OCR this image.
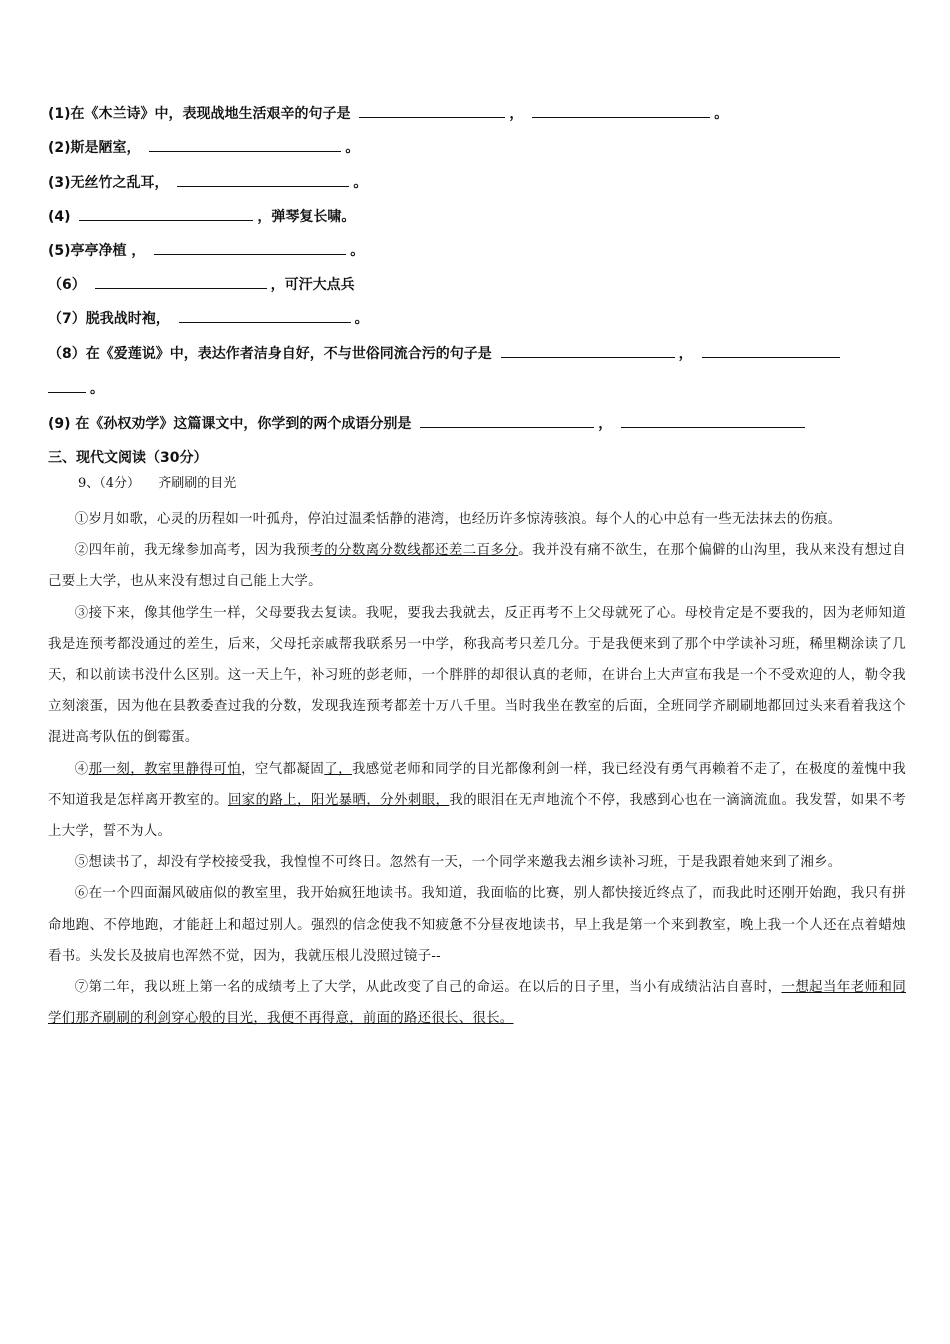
(1)在《木兰诗》中，表现战地生活艰辛的句子是	，	。
(2)斯是陋室，	。
(3)无丝竹之乱耳，	。
(4)	，弹琴复长啸。
(5)亭亭净植 ，	。
（6）	，可汗大点兵
（7）脱我战时袍，	。
（8）在《爱莲说》中，表达作者洁身自好，不与世俗同流合污的句子是	，
。
(9) 在《孙权劝学》这篇课文中，你学到的两个成语分别是	，
三、现代文阅读（30分）
9、（4分） 齐刷刷的目光

①岁月如歌，心灵的历程如一叶孤舟，停泊过温柔恬静的港湾，也经历许多惊涛骇浪。每个人的心中总有一些无法抹去的伤痕。

②四年前，我无缘参加高考，因为我预考的分数离分数线都还差二百多分。我并没有痛不欲生，在那个偏僻的山沟里，我从来没有想过自己要上大学，也从来没有想过自己能上大学。

③接下来，像其他学生一样，父母要我去复读。我呢，要我去我就去，反正再考不上父母就死了心。母校肯定是不要我的，因为老师知道我是连预考都没通过的差生，后来，父母托亲戚帮我联系另一中学，称我高考只差几分。于是我便来到了那个中学读补习班，稀里糊涂读了几天，和以前读书没什么区别。这一天上午，补习班的彭老师，一个胖胖的却很认真的老师，在讲台上大声宣布我是一个不受欢迎的人，勒令我立刻滚蛋，因为他在县教委查过我的分数，发现我连预考都差十万八千里。当时我坐在教室的后面，全班同学齐刷刷地都回过头来看着我这个混进高考队伍的倒霉蛋。

④那一刻，教室里静得可怕，空气都凝固了，我感觉老师和同学的目光都像利剑一样，我已经没有勇气再赖着不走了，在极度的羞愧中我不知道我是怎样离开教室的。回家的路上，阳光暴晒，分外刺眼，我的眼泪在无声地流个不停，我感到心也在一滴滴流血。我发誓，如果不考上大学，誓不为人。

⑤想读书了，却没有学校接受我，我惶惶不可终日。忽然有一天，一个同学来邀我去湘乡读补习班，于是我跟着她来到了湘乡。

⑥在一个四面漏风破庙似的教室里，我开始疯狂地读书。我知道，我面临的比赛，别人都快接近终点了，而我此时还刚开始跑，我只有拼命地跑、不停地跑，才能赶上和超过别人。强烈的信念使我不知疲惫不分昼夜地读书，早上我是第一个来到教室，晚上我一个人还在点着蜡烛看书。头发长及披肩也浑然不觉，因为，我就压根儿没照过镜子--

⑦第二年，我以班上第一名的成绩考上了大学，从此改变了自己的命运。在以后的日子里，当小有成绩沾沾自喜时，一想起当年老师和同学们那齐刷刷的利剑穿心般的目光，我便不再得意，前面的路还很长、很长。
